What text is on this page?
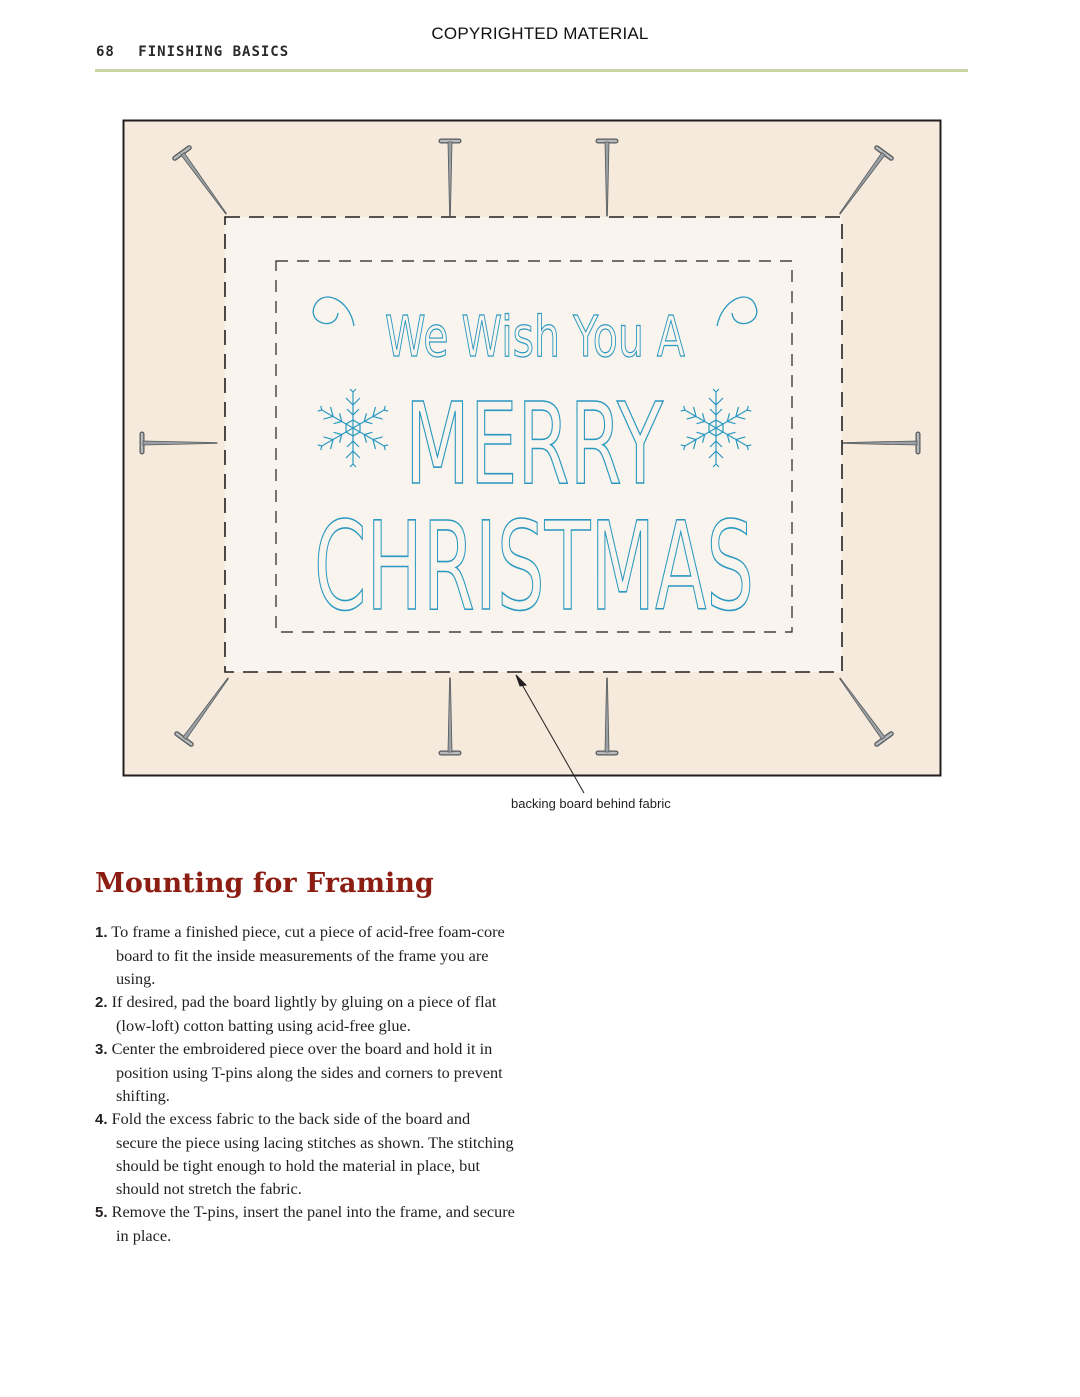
COPYRIGHTED MATERIAL
68 FINISHING BASICS
We Wish You A
MERRY
CHRISTMAS
backing board behind fabric
Mounting for Framing
1. To frame a finished piece, cut a piece of acid-free foam-core board to fit the inside measurements of the frame you are using.
2. If desired, pad the board lightly by gluing on a piece of flat (low-loft) cotton batting using acid-free glue.
3. Center the embroidered piece over the board and hold it in position using T-pins along the sides and corners to prevent shifting.
4. Fold the excess fabric to the back side of the board and secure the piece using lacing stitches as shown. The stitching should be tight enough to hold the material in place, but should not stretch the fabric.
5. Remove the T-pins, insert the panel into the frame, and secure in place.
